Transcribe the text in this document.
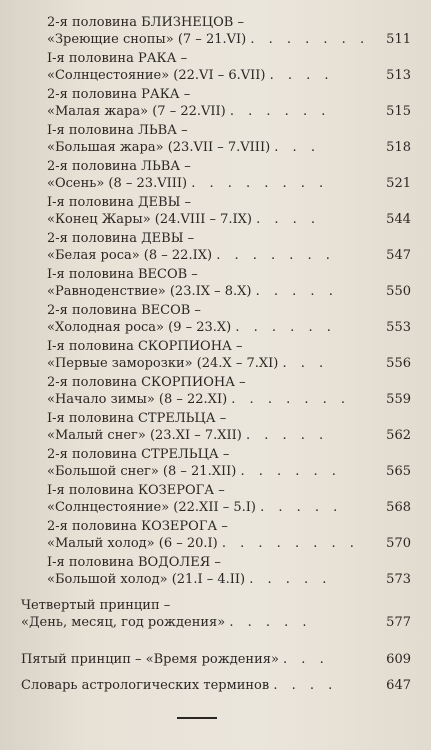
2-я половина БЛИЗНЕЦОВ –
«Зреющие снопы» (7 – 21.VI) . . . . . . . 511
I-я половина РАКА –
«Солнцестояние» (22.VI – 6.VII) . . . .	513
2-я половина РАКА –
«Малая жара» (7 – 22.VII) . . . . . .	515
I-я половина ЛЬВА –
«Большая жара» (23.VII – 7.VIII) . . .	518
2-я половина ЛЬВА –
«Осень» (8 – 23.VIII) . . . . . . . .	521
I-я половина ДЕВЫ –
«Конец Жары» (24.VIII – 7.IX) . . . .	544
2-я половина ДЕВЫ –
«Белая роса» (8 – 22.IX) . . . . . . .	547
I-я половина ВЕСОВ –
«Равноденствие» (23.IX – 8.X) . . . . .	550
2-я половина ВЕСОВ –
«Холодная роса» (9 – 23.X) . . . . . .	553
I-я половина СКОРПИОНА –
«Первые заморозки» (24.X – 7.XI) . . .	556
2-я половина СКОРПИОНА –
«Начало зимы» (8 – 22.XI) . . . . . . .	559
I-я половина СТРЕЛЬЦА –
«Малый снег» (23.XI – 7.XII) . . . . .	562
2-я половина СТРЕЛЬЦА –
«Большой снег» (8 – 21.XII) . . . . . .	565
I-я половина КОЗЕРОГА –
«Солнцестояние» (22.XII – 5.I) . . . . .	568
2-я половина КОЗЕРОГА –
«Малый холод» (6 – 20.I) . . . . . . . . 570
I-я половина ВОДОЛЕЯ –
«Большой холод» (21.I – 4.II) . . . . .	573
Четвертый принцип –
«День, месяц, год рождения» . . . . .	577
Пятый принцип – «Время рождения» . . .	609
Словарь астрологических терминов . . . .	647
